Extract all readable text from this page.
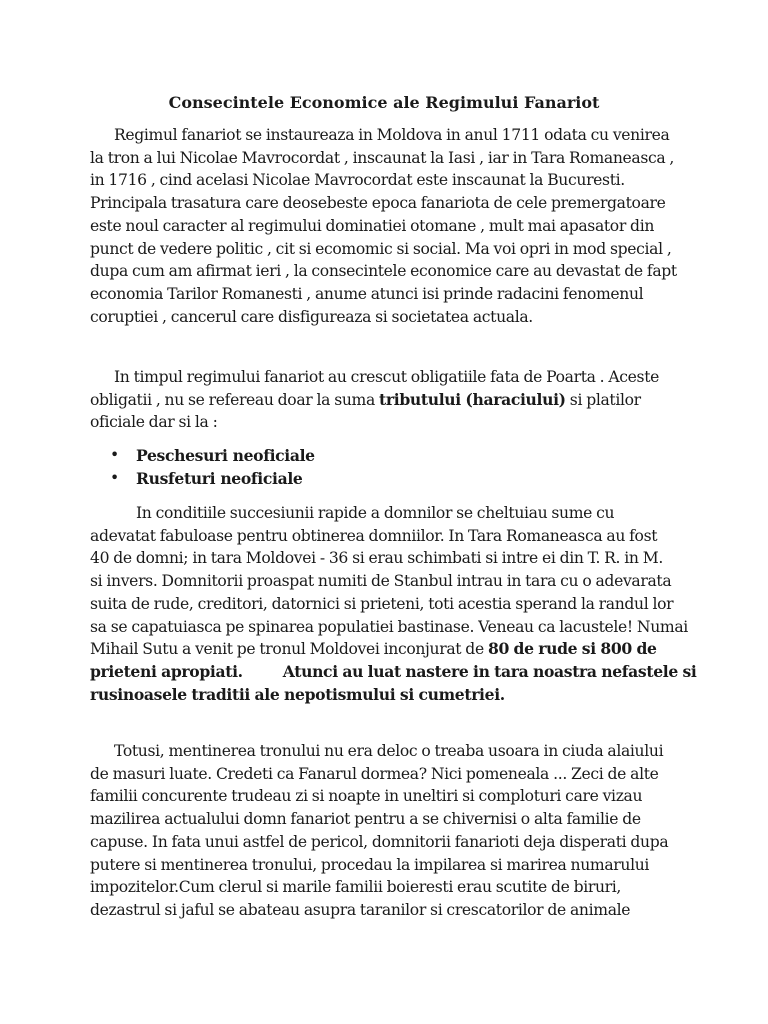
Consecintele Economice ale Regimului Fanariot

Regimul fanariot se instaureaza in Moldova in anul 1711 odata cu venirea
la tron a lui Nicolae Mavrocordat , inscaunat la Iasi , iar in Tara Romaneasca ,
in 1716 , cind acelasi Nicolae Mavrocordat este inscaunat la Bucuresti.
Principala trasatura care deosebeste epoca fanariota de cele premergatoare
este noul caracter al regimului dominatiei otomane , mult mai apasator din
punct de vedere politic , cit si ecomomic si social. Ma voi opri in mod special ,
dupa cum am afirmat ieri , la consecintele economice care au devastat de fapt
economia Tarilor Romanesti , anume atunci isi prinde radacini fenomenul
coruptiei , cancerul care disfigureaza si societatea actuala.

In timpul regimului fanariot au crescut obligatiile fata de Poarta . Aceste
obligatii , nu se refereau doar la suma tributului (haraciului) si platilor
oficiale dar si la :

• Peschesuri neoficiale
• Rusfeturi neoficiale

In conditiile succesiunii rapide a domnilor se cheltuiau sume cu
adevatat fabuloase pentru obtinerea domniilor. In Tara Romaneasca au fost
40 de domni; in tara Moldovei - 36 si erau schimbati si intre ei din T. R. in M.
si invers. Domnitorii proaspat numiti de Stanbul intrau in tara cu o adevarata
suita de rude, creditori, datornici si prieteni, toti acestia sperand la randul lor
sa se capatuiasca pe spinarea populatiei bastinase. Veneau ca lacustele! Numai
Mihail Sutu a venit pe tronul Moldovei inconjurat de 80 de rude si 800 de
prieteni apropiati.	Atunci au luat nastere in tara noastra nefastele si
rusinoasele traditii ale nepotismului si cumetriei.

Totusi, mentinerea tronului nu era deloc o treaba usoara in ciuda alaiului
de masuri luate. Credeti ca Fanarul dormea? Nici pomeneala ... Zeci de alte
familii concurente trudeau zi si noapte in uneltiri si comploturi care vizau
mazilirea actualului domn fanariot pentru a se chivernisi o alta familie de
capuse. In fata unui astfel de pericol, domnitorii fanarioti deja disperati dupa
putere si mentinerea tronului, procedau la impilarea si marirea numarului
impozitelor.Cum clerul si marile familii boieresti erau scutite de biruri,
dezastrul si jaful se abateau asupra taranilor si crescatorilor de animale
